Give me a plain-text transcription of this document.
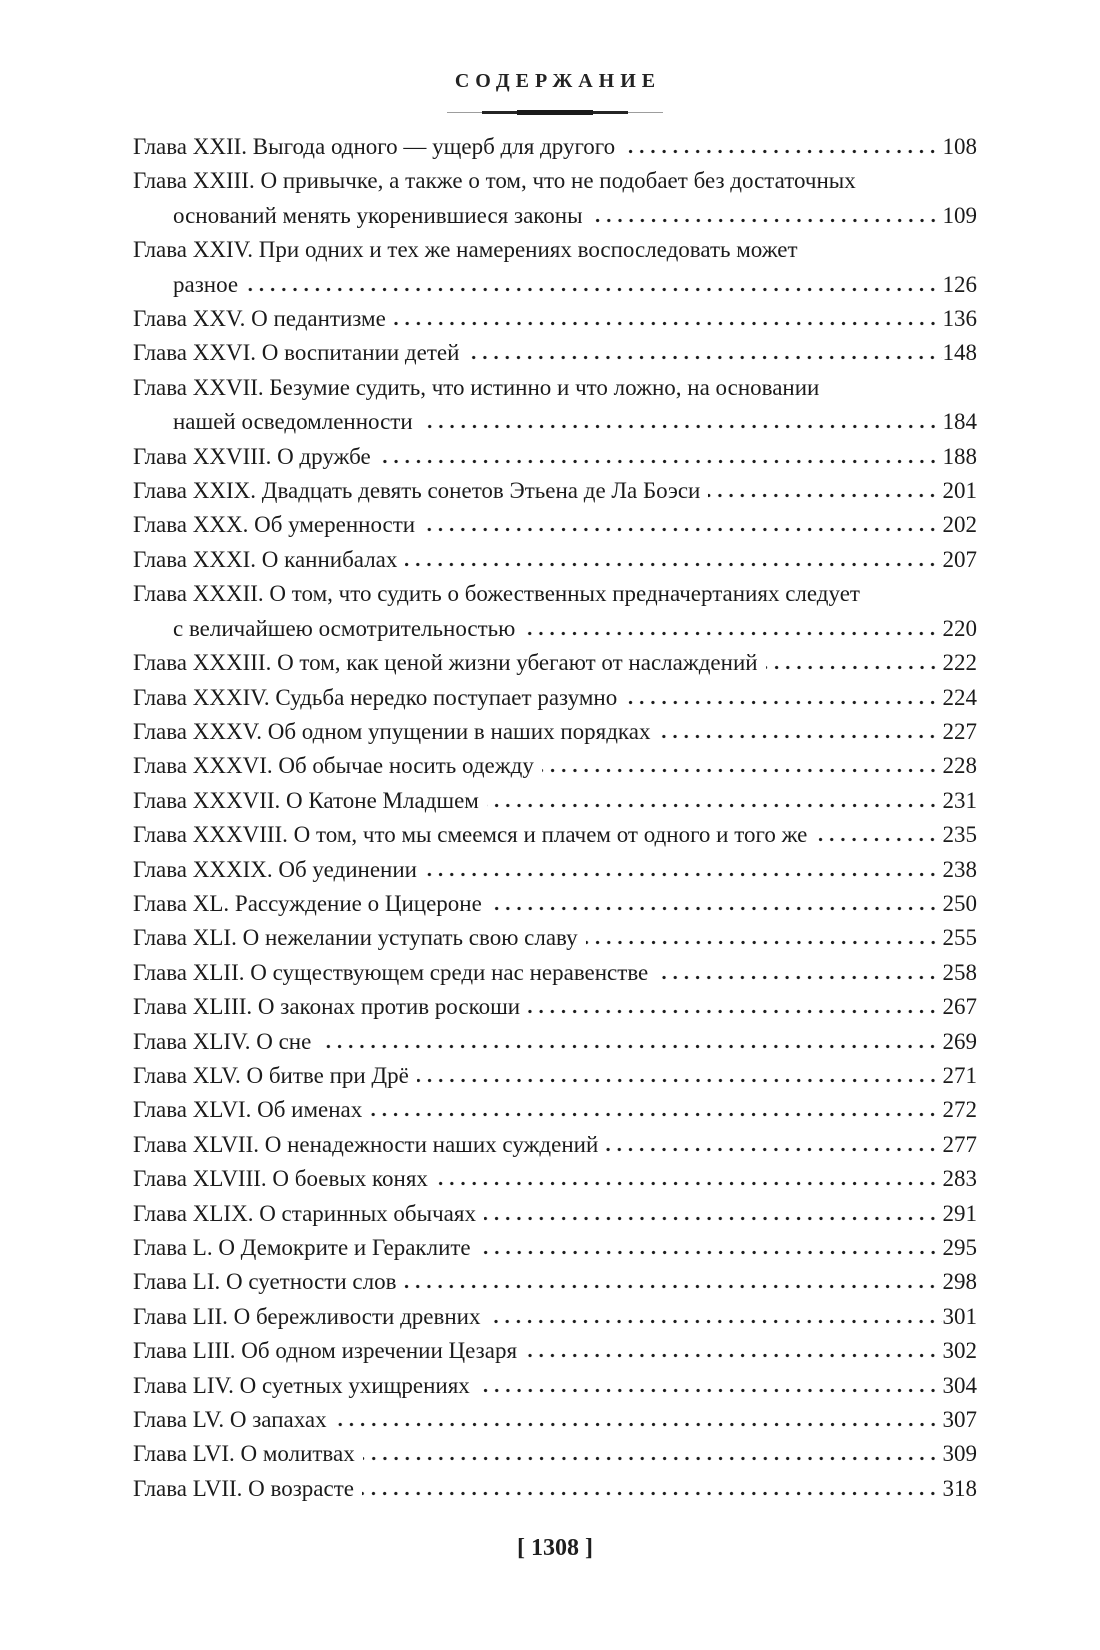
СОДЕРЖАНИЕ
Глава XXII. Выгода одного — ущерб для другого	108
Глава XXIII. О привычке, а также о том, что не подобает без достаточных
оснований менять укоренившиеся законы	109
Глава XXIV. При одних и тех же намерениях воспоследовать может
разное	126
Глава XXV. О педантизме	136
Глава XXVI. О воспитании детей	148
Глава XXVII. Безумие судить, что истинно и что ложно, на основании
нашей осведомленности	184
Глава XXVIII. О дружбе	188
Глава XXIX. Двадцать девять сонетов Этьена де Ла Боэси	201
Глава XXX. Об умеренности	202
Глава XXXI. О каннибалах	207
Глава XXXII. О том, что судить о божественных предначертаниях следует
с величайшею осмотрительностью	220
Глава XXXIII. О том, как ценой жизни убегают от наслаждений	222
Глава XXXIV. Судьба нередко поступает разумно	224
Глава XXXV. Об одном упущении в наших порядках	227
Глава XXXVI. Об обычае носить одежду	228
Глава XXXVII. О Катоне Младшем	231
Глава XXXVIII. О том, что мы смеемся и плачем от одного и того же	235
Глава XXXIX. Об уединении	238
Глава XL. Рассуждение о Цицероне	250
Глава XLI. О нежелании уступать свою славу	255
Глава XLII. О существующем среди нас неравенстве	258
Глава XLIII. О законах против роскоши	267
Глава XLIV. О сне	269
Глава XLV. О битве при Дрё	271
Глава XLVI. Об именах	272
Глава XLVII. О ненадежности наших суждений	277
Глава XLVIII. О боевых конях	283
Глава XLIX. О старинных обычаях	291
Глава L. О Демокрите и Гераклите	295
Глава LI. О суетности слов	298
Глава LII. О бережливости древних	301
Глава LIII. Об одном изречении Цезаря	302
Глава LIV. О суетных ухищрениях	304
Глава LV. О запахах	307
Глава LVI. О молитвах	309
Глава LVII. О возрасте	318
[ 1308 ]
